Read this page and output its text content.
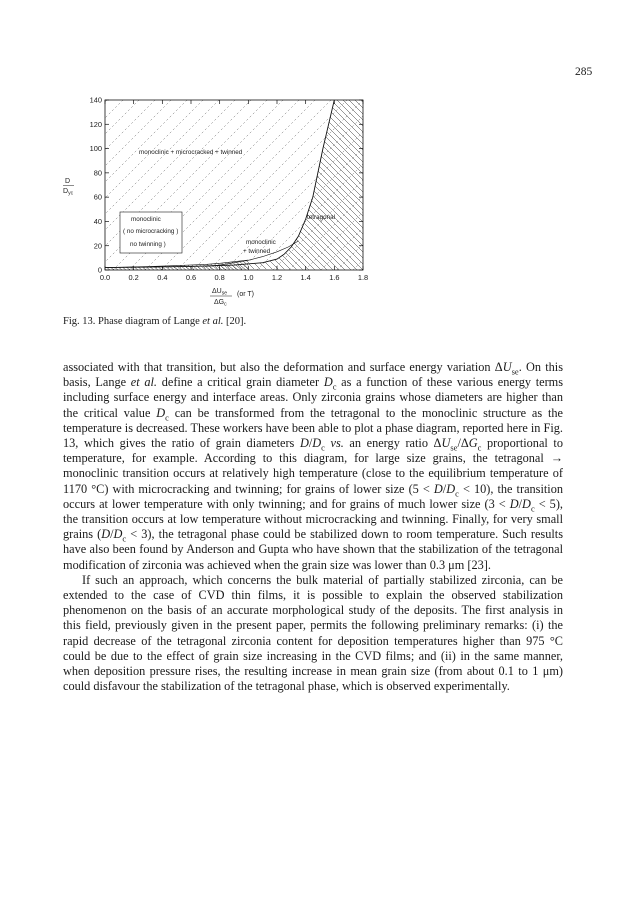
285
0.0 0.2 0.4 0.6 0.8 1.0 1.2 1.4 1.6 1.8
0
20
40
60
80
100
120
140
monoclinic + microcracked + twinned
monoclinic
( no microcracking )
no twinning )	monoclinic
+ twinned
tetragonal
D
$D_{yc}$
$\Delta U_{se}$ (or T)
$\Delta G_c$
Fig. 13. Phase diagram of Lange et al. [20].

associated with that transition, but also the deformation and surface energy variation $\Delta U_{se}$. On this basis, Lange et al. define a critical grain diameter $D_c$ as a function of these various energy terms including surface energy and interface areas. Only zirconia grains whose diameters are higher than the critical value $D_c$ can be transformed from the tetragonal to the monoclinic structure as the temperature is decreased. These workers have been able to plot a phase diagram, reported here in Fig. 13, which gives the ratio of grain diameters $D/D_c$ vs. an energy ratio $\Delta U_{se}/\Delta G_c$ proportional to temperature, for example. According to this diagram, for large size grains, the tetragonal → monoclinic transition occurs at relatively high temperature (close to the equilibrium temperature of 1170 °C) with microcracking and twinning; for grains of lower size $(5 < D/D_c < 10)$, the transition occurs at lower temperature with only twinning; and for grains of much lower size $(3 < D/D_c < 5)$, the transition occurs at low temperature without microcracking and twinning. Finally, for very small grains $(D/D_c < 3)$, the tetragonal phase could be stabilized down to room temperature. Such results have also been found by Anderson and Gupta who have shown that the stabilization of the tetragonal modification of zirconia was achieved when the grain size was lower than 0.3 μm [23].

If such an approach, which concerns the bulk material of partially stabilized zirconia, can be extended to the case of CVD thin films, it is possible to explain the observed stabilization phenomenon on the basis of an accurate morphological study of the deposits. The first analysis in this field, previously given in the present paper, permits the following preliminary remarks: (i) the rapid decrease of the tetragonal zirconia content for deposition temperatures higher than 975 °C could be due to the effect of grain size increasing in the CVD films; and (ii) in the same manner, when deposition pressure rises, the resulting increase in mean grain size (from about 0.1 to 1 μm) could disfavour the stabilization of the tetragonal phase, which is observed experimentally.
